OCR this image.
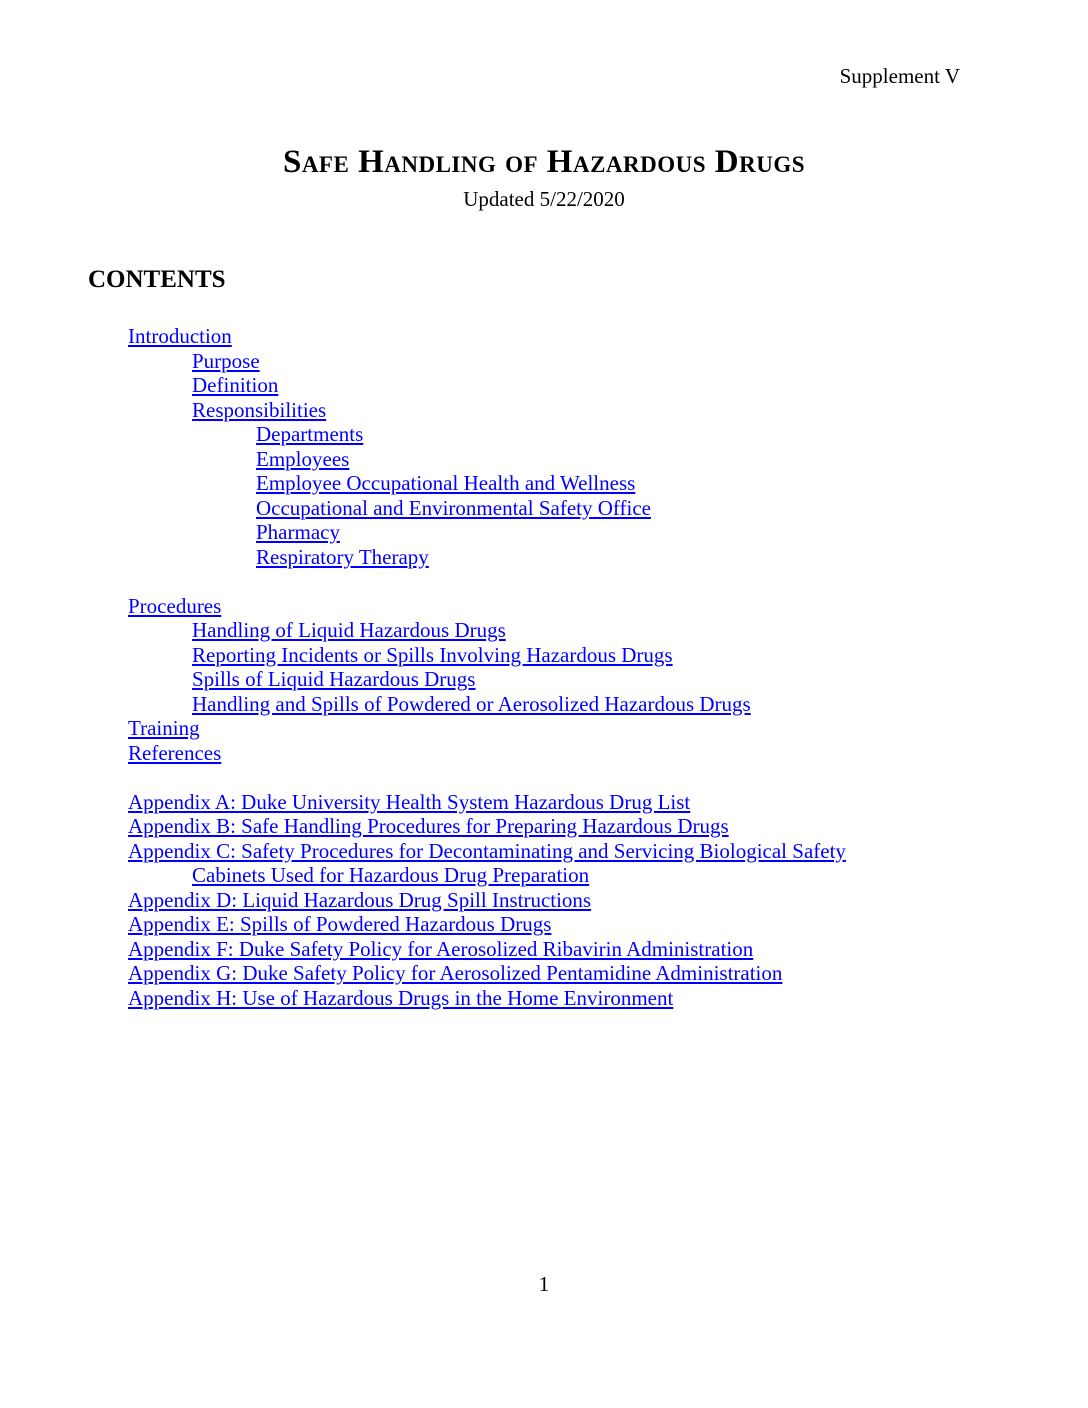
Supplement V
Safe Handling of Hazardous Drugs
Updated 5/22/2020
CONTENTS
Introduction
Purpose
Definition
Responsibilities
Departments
Employees
Employee Occupational Health and Wellness
Occupational and Environmental Safety Office
Pharmacy
Respiratory Therapy
Procedures
Handling of Liquid Hazardous Drugs
Reporting Incidents or Spills Involving Hazardous Drugs
Spills of Liquid Hazardous Drugs
Handling and Spills of Powdered or Aerosolized Hazardous Drugs
Training
References
Appendix A: Duke University Health System Hazardous Drug List
Appendix B: Safe Handling Procedures for Preparing Hazardous Drugs
Appendix C: Safety Procedures for Decontaminating and Servicing Biological Safety
Cabinets Used for Hazardous Drug Preparation
Appendix D: Liquid Hazardous Drug Spill Instructions
Appendix E: Spills of Powdered Hazardous Drugs
Appendix F: Duke Safety Policy for Aerosolized Ribavirin Administration
Appendix G: Duke Safety Policy for Aerosolized Pentamidine Administration
Appendix H: Use of Hazardous Drugs in the Home Environment
1
